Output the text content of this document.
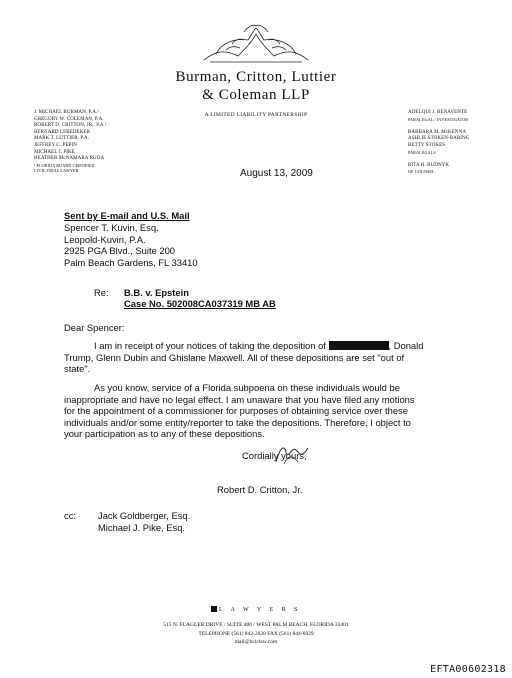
Burman, Critton, Luttier
& Coleman LLP
A LIMITED LIABILITY PARTNERSHIP
J. MICHAEL BURMAN, P.A.¹
GREGORY W. COLEMAN, P.A.
ROBERT D. CRITTON, JR., P.A.¹
BERNARD LEBEDEKER
MARK T. LUTTIER, P.A.
JEFFREY C. PEPIN
MICHAEL J. PIKE
HEATHER McNAMARA RUDA
¹ FLORIDA BOARD CERTIFIED
CIVIL TRIAL LAWYER
ADELQUI J. BENAVENTE
PARALEGAL / INVESTIGATOR
BARBARA M. McKENNA
ASHLIE STOKEN-BARING
BETTY STOKES
PARALEGALS
RITA H. BUDNYK
OF COUNSEL
August 13, 2009
Sent by E-mail and U.S. Mail
Spencer T. Kuvin, Esq.
Leopold-Kuvin, P.A.
2925 PGA Blvd., Suite 200
Palm Beach Gardens, FL 33410
Re: B.B. v. Epstein
Case No. 502008CA037319 MB AB
Dear Spencer:
I am in receipt of your notices of taking the deposition of	, Donald
Trump, Glenn Dubin and Ghislane Maxwell. All of these depositions are set "out of
state".
As you know, service of a Florida subpoena on these individuals would be
inappropriate and have no legal effect. I am unaware that you have filed any motions
for the appointment of a commissioner for purposes of obtaining service over these
individuals and/or some entity/reporter to take the depositions. Therefore, I object to
your participation as to any of these depositions.
Cordially yours,
Robert D. Critton, Jr.
cc: Jack Goldberger, Esq.
Michael J. Pike, Esq.
L A W Y E R S
515 N. FLAGLER DRIVE / SUITE 400 / WEST PALM BEACH, FLORIDA 33401
TELEPHONE (561) 842-2820 FAX (561) 844-6929
mail@bclclaw.com
EFTA00602318
